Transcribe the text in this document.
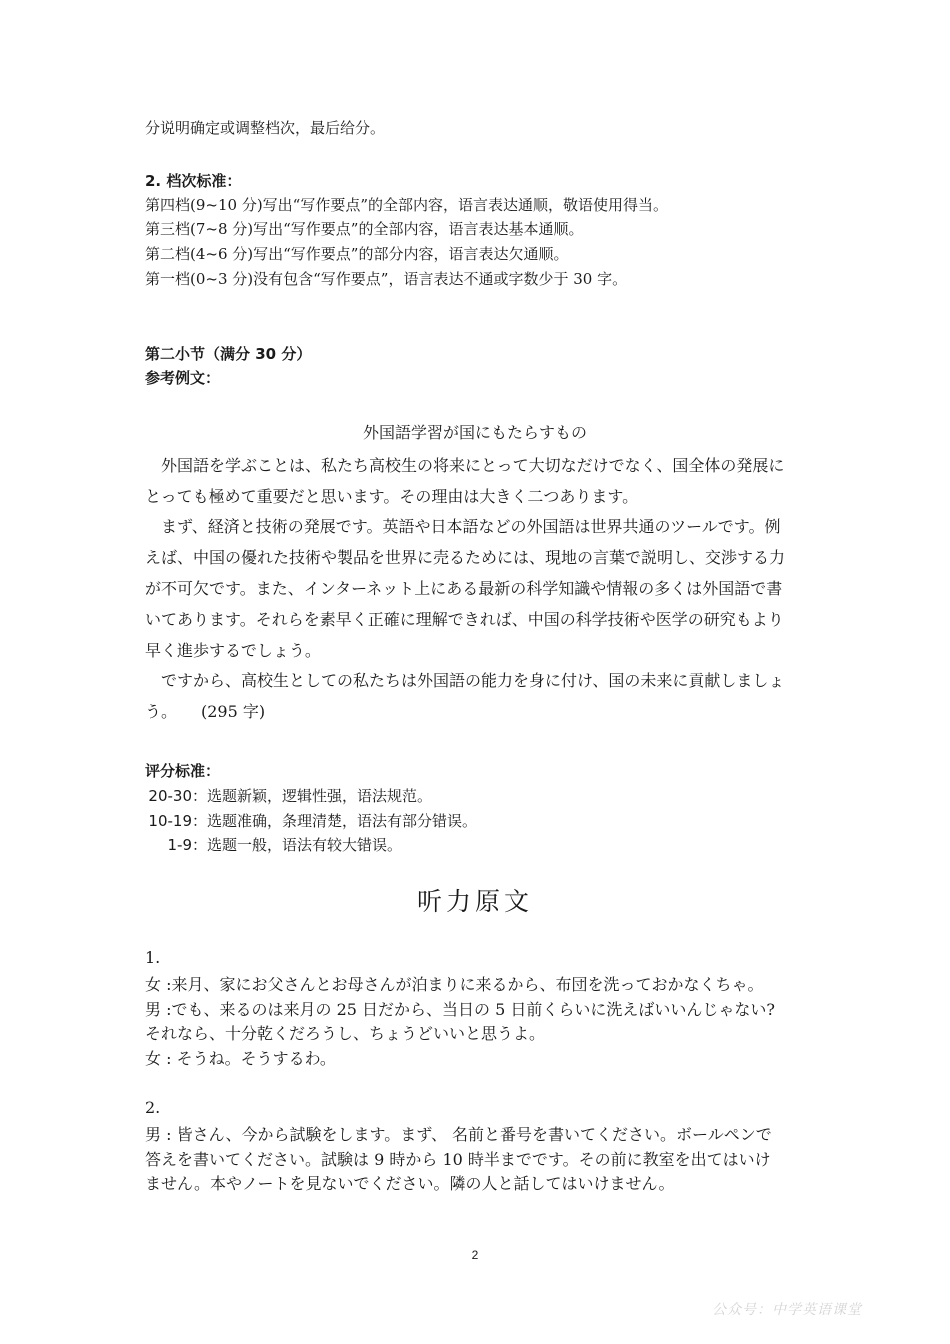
分说明确定或调整档次，最后给分。
2. 档次标准：
第四档(9~10 分)写出“写作要点”的全部内容，语言表达通顺，敬语使用得当。
第三档(7~8 分)写出“写作要点”的全部内容，语言表达基本通顺。
第二档(4~6 分)写出“写作要点”的部分内容，语言表达欠通顺。
第一档(0~3 分)没有包含“写作要点”，语言表达不通或字数少于 30 字。
第二小节（满分 30 分）
参考例文：
外国語学習が国にもたらすもの
　外国語を学ぶことは、私たち高校生の将来にとって大切なだけでなく、国全体の発展に
とっても極めて重要だと思います。その理由は大きく二つあります。
　まず、経済と技術の発展です。英語や日本語などの外国語は世界共通のツールです。例
えば、中国の優れた技術や製品を世界に売るためには、現地の言葉で説明し、交渉する力
が不可欠です。また、インターネット上にある最新の科学知識や情報の多くは外国語で書
いてあります。それらを素早く正確に理解できれば、中国の科学技術や医学の研究もより
早く進歩するでしょう。
　ですから、高校生としての私たちは外国語の能力を身に付け、国の未来に貢献しましょ
う。　　(295 字)
评分标准：
20-30：选题新颖，逻辑性强，语法规范。
10-19：选题准确，条理清楚，语法有部分错误。
1-9：选题一般，语法有较大错误。
听力原文
1.
女 :来月、家にお父さんとお母さんが泊まりに来るから、布団を洗っておかなくちゃ。
男 :でも、来るのは来月の 25 日だから、当日の 5 日前くらいに洗えばいいんじゃない?
それなら、十分乾くだろうし、ちょうどいいと思うよ。
女 : そうね。そうするわ。
2.
男 : 皆さん、今から試験をします。まず、 名前と番号を書いてください。ボールペンで
答えを書いてください。試験は 9 時から 10 時半までです。その前に教室を出てはいけ
ません。本やノートを見ないでください。隣の人と話してはいけません。
2
公众号：中学英语课堂
